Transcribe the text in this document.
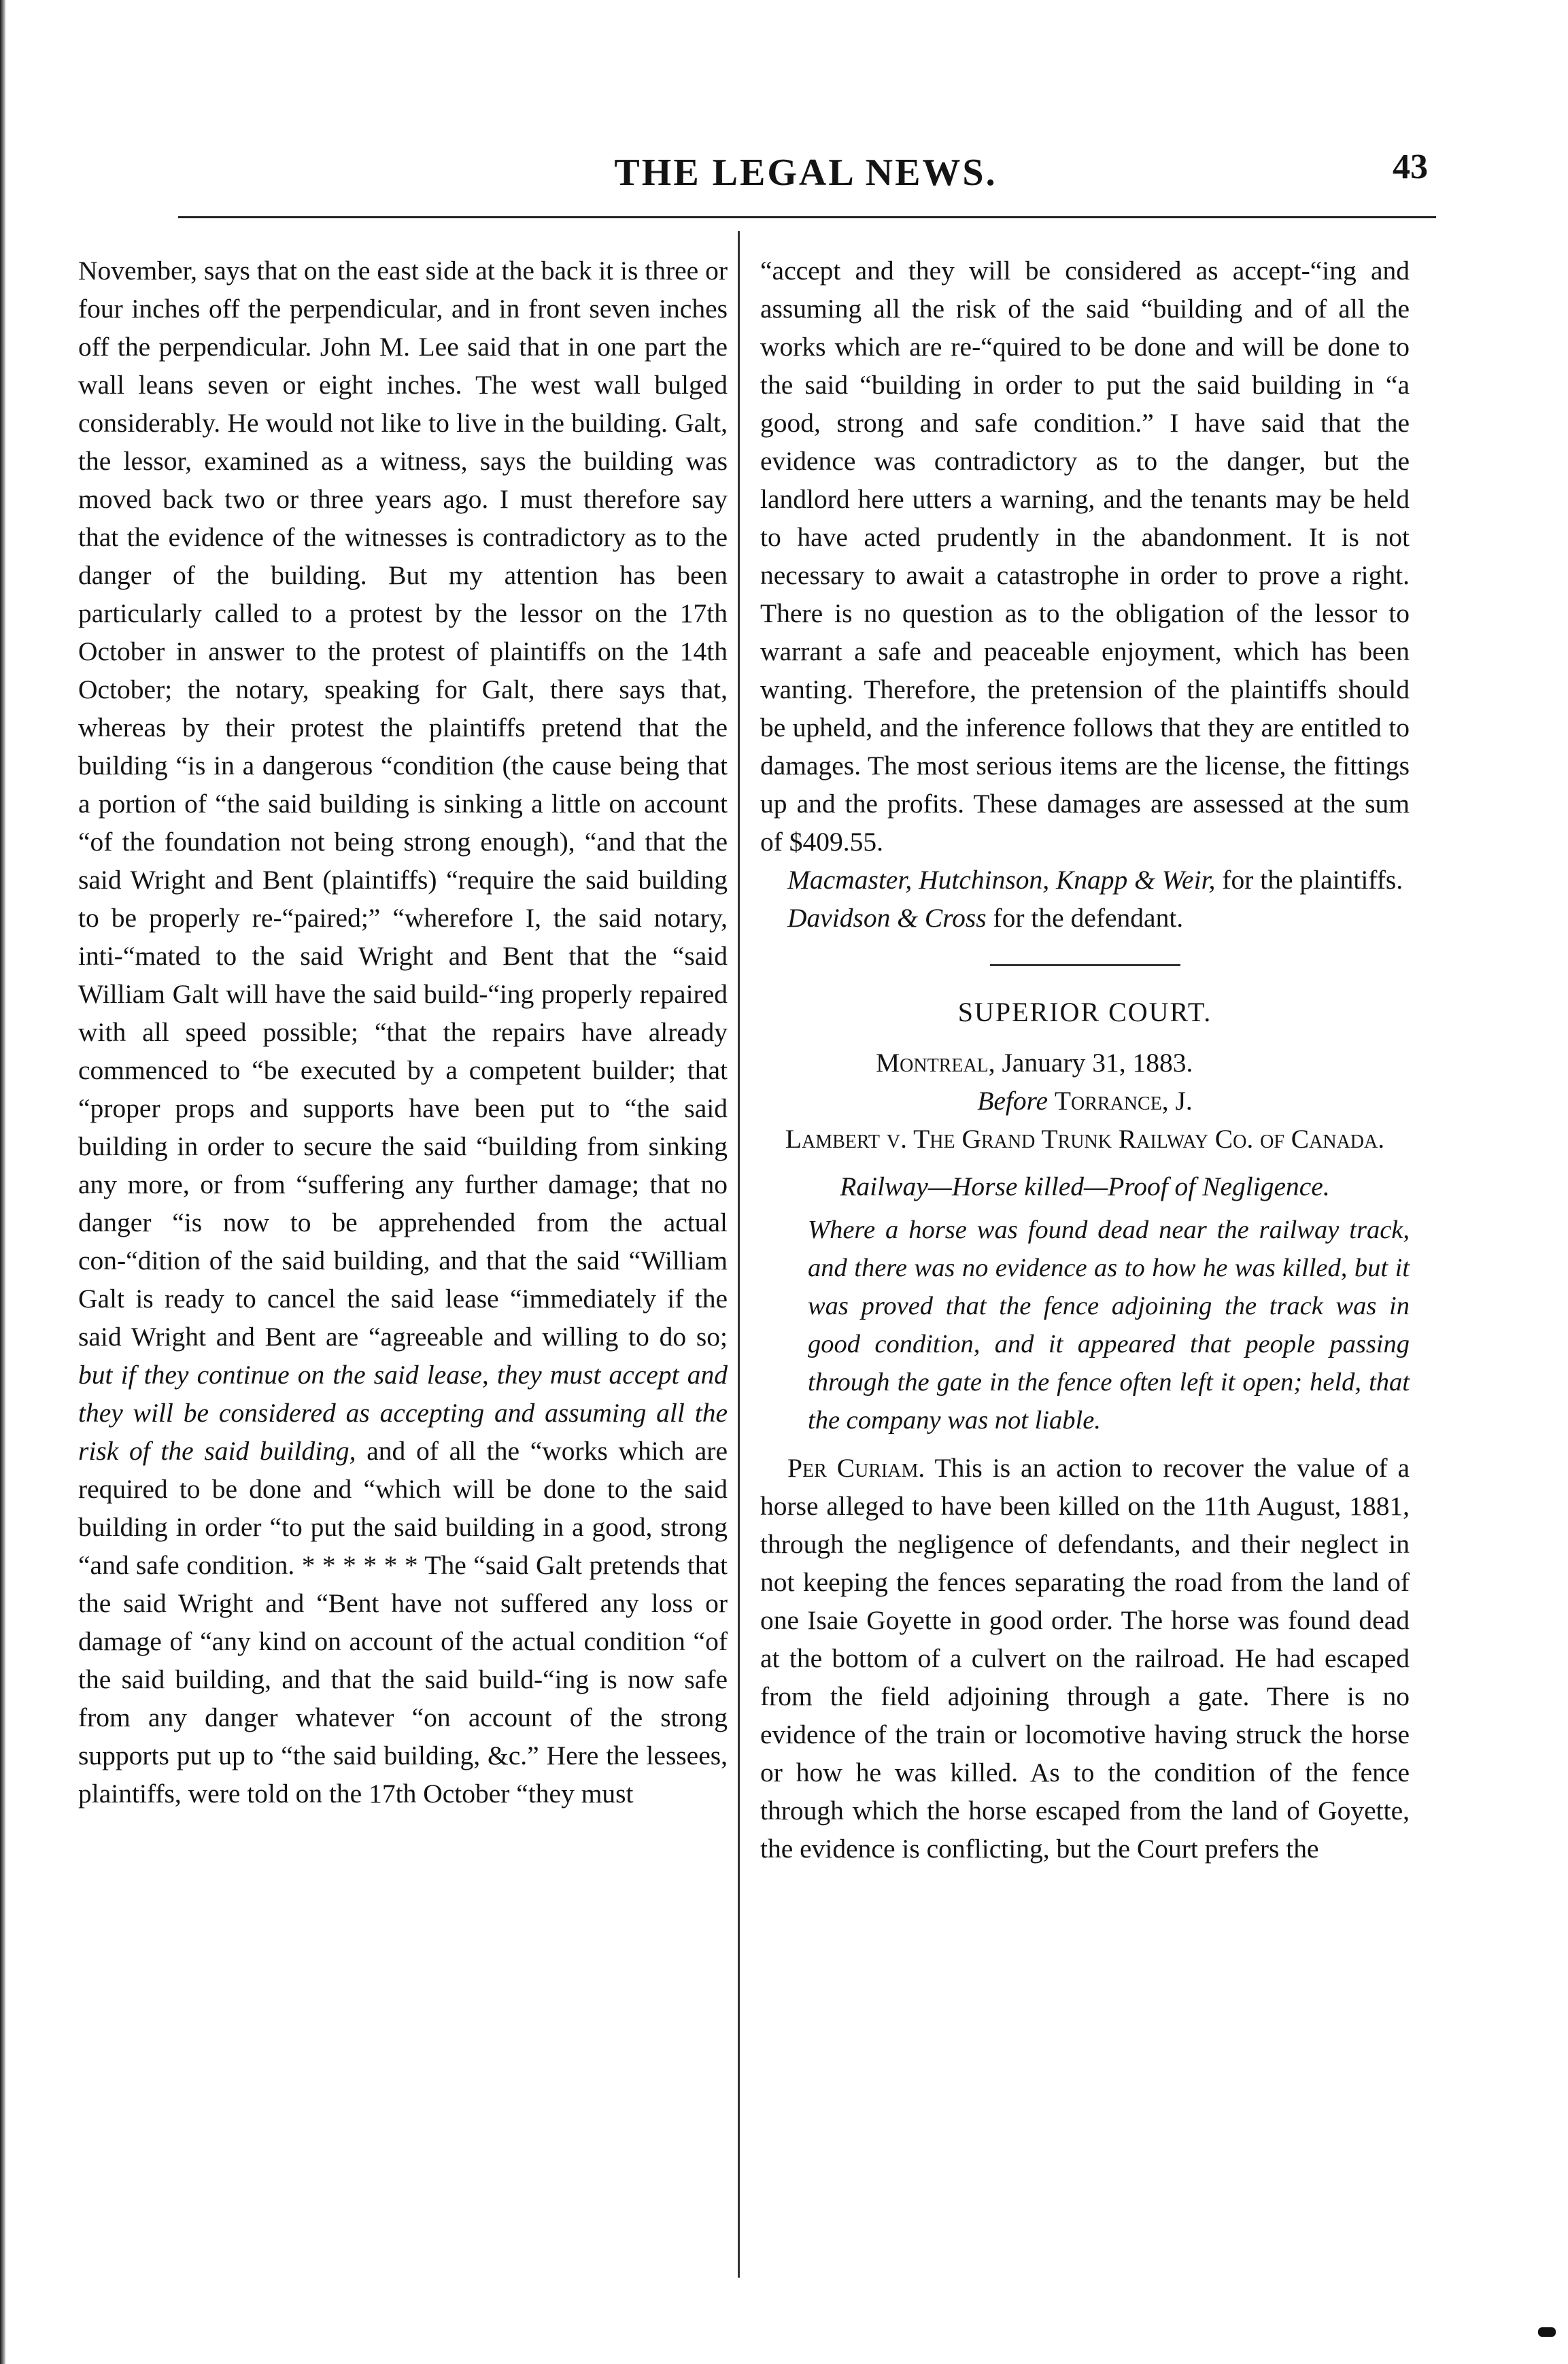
THE LEGAL NEWS.	43

November, says that on the east side at the back it is three or four inches off the perpendicular, and in front seven inches off the perpendicular. John M. Lee said that in one part the wall leans seven or eight inches. The west wall bulged considerably. He would not like to live in the building. Galt, the lessor, examined as a witness, says the building was moved back two or three years ago. I must therefore say that the evidence of the witnesses is contradictory as to the danger of the building. But my attention has been particularly called to a protest by the lessor on the 17th October in answer to the protest of plaintiffs on the 14th October; the notary, speaking for Galt, there says that, whereas by their protest the plaintiffs pretend that the building “is in a dangerous “condition (the cause being that a portion of “the said building is sinking a little on account “of the foundation not being strong enough), “and that the said Wright and Bent (plaintiffs) “require the said building to be properly re-“paired;” “wherefore I, the said notary, inti-“mated to the said Wright and Bent that the “said William Galt will have the said build-“ing properly repaired with all speed possible; “that the repairs have already commenced to “be executed by a competent builder; that “proper props and supports have been put to “the said building in order to secure the said “building from sinking any more, or from “suffering any further damage; that no danger “is now to be apprehended from the actual con-“dition of the said building, and that the said “William Galt is ready to cancel the said lease “immediately if the said Wright and Bent are “agreeable and willing to do so; but if they continue on the said lease, they must accept and they will be considered as accepting and assuming all the risk of the said building, and of all the “works which are required to be done and “which will be done to the said building in order “to put the said building in a good, strong “and safe condition. * * * * * * The “said Galt pretends that the said Wright and “Bent have not suffered any loss or damage of “any kind on account of the actual condition “of the said building, and that the said build-“ing is now safe from any danger whatever “on account of the strong supports put up to “the said building, &c.” Here the lessees, plaintiffs, were told on the 17th October “they must

“accept and they will be considered as accept-“ing and assuming all the risk of the said “building and of all the works which are re-“quired to be done and will be done to the said “building in order to put the said building in “a good, strong and safe condition.” I have said that the evidence was contradictory as to the danger, but the landlord here utters a warning, and the tenants may be held to have acted prudently in the abandonment. It is not necessary to await a catastrophe in order to prove a right. There is no question as to the obligation of the lessor to warrant a safe and peaceable enjoyment, which has been wanting. Therefore, the pretension of the plaintiffs should be upheld, and the inference follows that they are entitled to damages. The most serious items are the license, the fittings up and the profits. These damages are assessed at the sum of $409.55.

Macmaster, Hutchinson, Knapp & Weir, for the plaintiffs.

Davidson & Cross for the defendant.

SUPERIOR COURT.

Montreal, January 31, 1883.

Before Torrance, J.

Lambert v. The Grand Trunk Railway Co. of Canada.

Railway—Horse killed—Proof of Negligence.

Where a horse was found dead near the railway track, and there was no evidence as to how he was killed, but it was proved that the fence adjoining the track was in good condition, and it appeared that people passing through the gate in the fence often left it open; held, that the company was not liable.

Per Curiam. This is an action to recover the value of a horse alleged to have been killed on the 11th August, 1881, through the negligence of defendants, and their neglect in not keeping the fences separating the road from the land of one Isaie Goyette in good order. The horse was found dead at the bottom of a culvert on the railroad. He had escaped from the field adjoining through a gate. There is no evidence of the train or locomotive having struck the horse or how he was killed. As to the condition of the fence through which the horse escaped from the land of Goyette, the evidence is conflicting, but the Court prefers the
